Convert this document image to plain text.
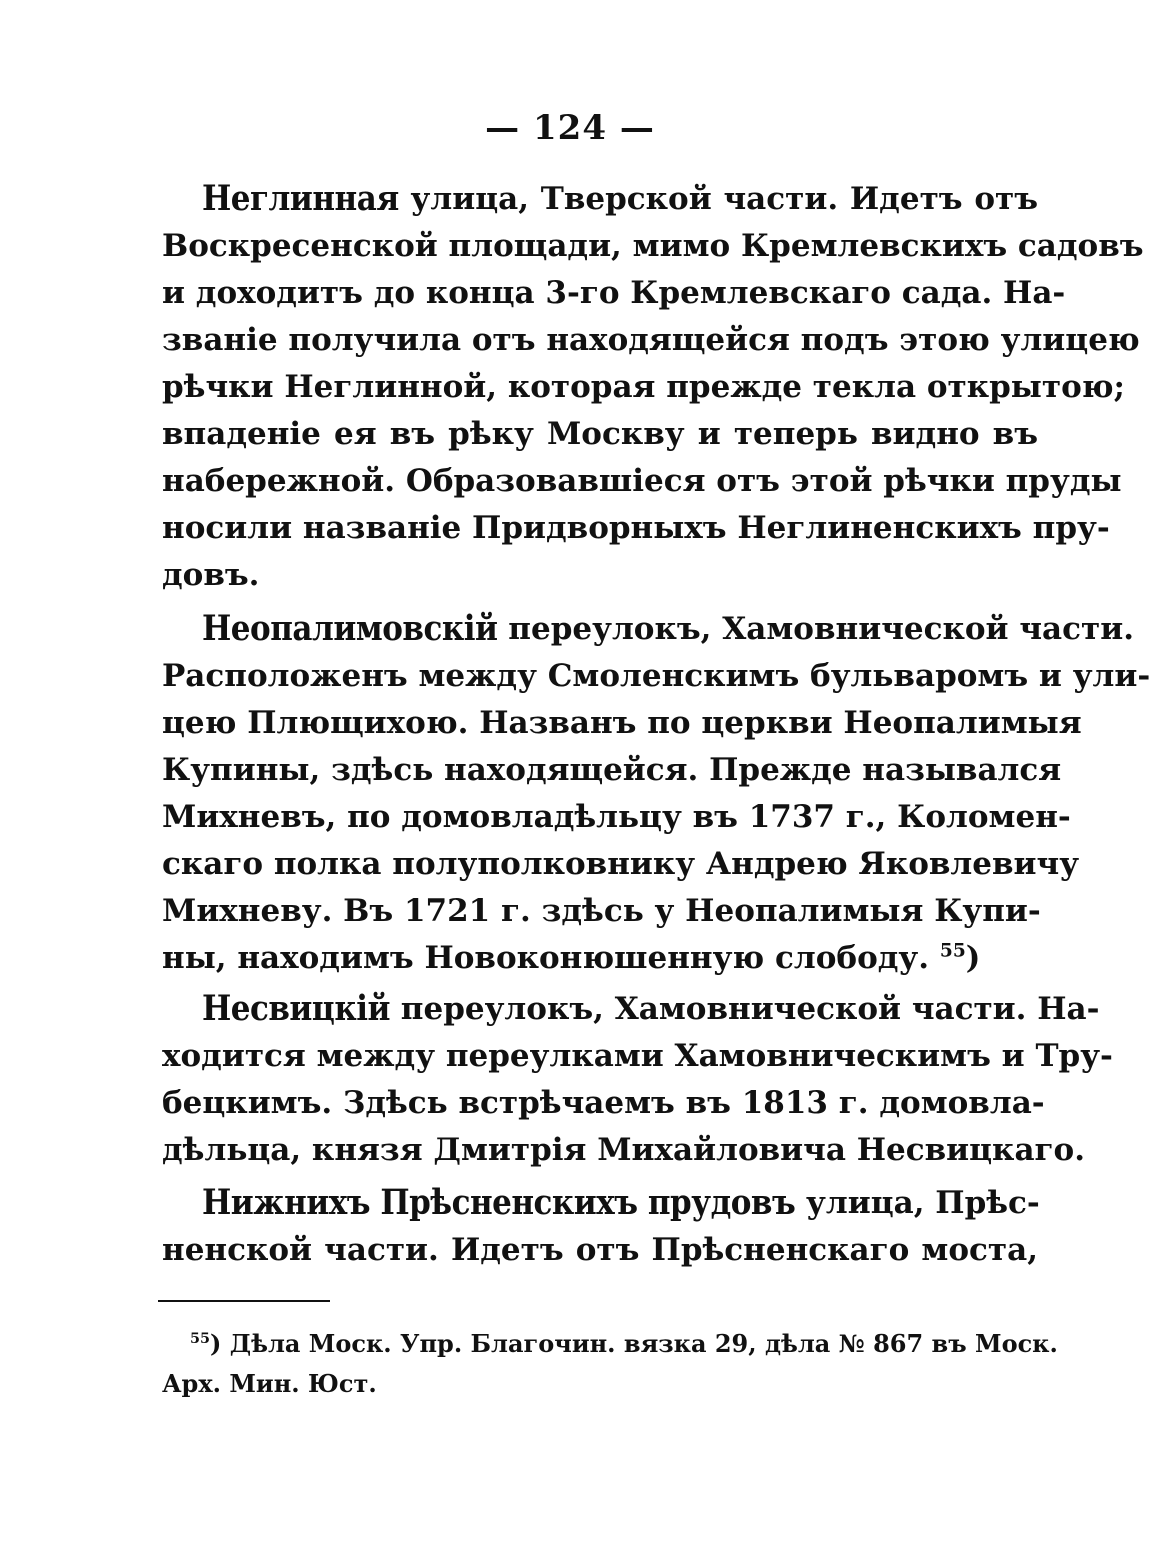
— 124 —
Неглинная улица, Тверской части. Идетъ отъ
Воскресенской площади, мимо Кремлевскихъ садовъ
и доходитъ до конца 3-го Кремлевскаго сада. На-
званіе получила отъ находящейся подъ этою улицею
рѣчки Неглинной, которая прежде текла открытою;
впаденіе ея въ рѣку Москву и теперь видно въ
набережной. Образовавшіеся отъ этой рѣчки пруды
носили названіе Придворныхъ Неглиненскихъ пру-
довъ.
Неопалимовскій переулокъ, Хамовнической части.
Расположенъ между Смоленскимъ бульваромъ и ули-
цею Плющихою. Названъ по церкви Неопалимыя
Купины, здѣсь находящейся. Прежде назывался
Михневъ, по домовладѣльцу въ 1737 г., Коломен-
скаго полка полуполковнику Андрею Яковлевичу
Михневу. Въ 1721 г. здѣсь у Неопалимыя Купи-
ны, находимъ Новоконюшенную слободу. $^{55}$)
Несвицкій переулокъ, Хамовнической части. На-
ходится между переулками Хамовническимъ и Тру-
бецкимъ. Здѣсь встрѣчаемъ въ 1813 г. домовла-
дѣльца, князя Дмитрія Михайловича Несвицкаго.
Нижнихъ Прѣсненскихъ прудовъ улица, Прѣс-
ненской части. Идетъ отъ Прѣсненскаго моста,
$^{55}$) Дѣла Моск. Упр. Благочин. вязка 29, дѣла № 867 въ Моск.
Арх. Мин. Юст.
